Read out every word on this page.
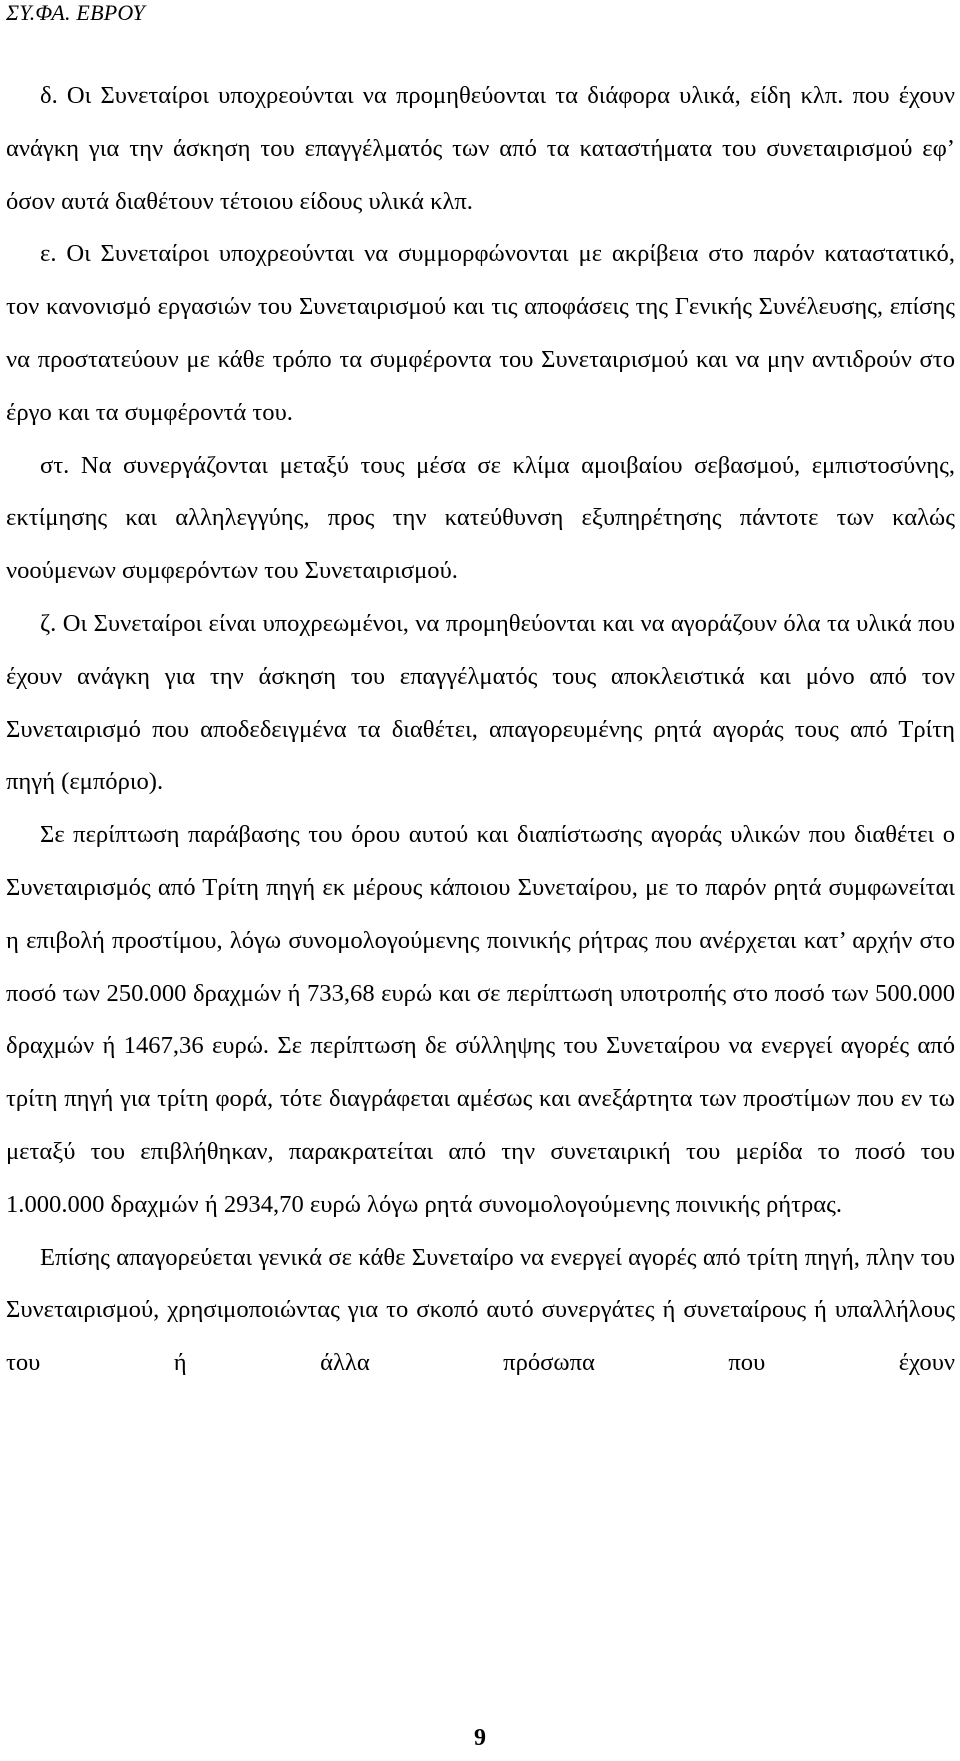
ΣΥ.ΦΑ. ΕΒΡΟΥ

δ. Οι Συνεταίροι υποχρεούνται να προμηθεύονται τα διάφορα υλικά, είδη κλπ. που έχουν ανάγκη για την άσκηση του επαγγέλματός των από τα καταστήματα του συνεταιρισμού εφ’ όσον αυτά διαθέτουν τέτοιου είδους υλικά κλπ.

ε. Οι Συνεταίροι υποχρεούνται να συμμορφώνονται με ακρίβεια στο παρόν καταστατικό, τον κανονισμό εργασιών του Συνεταιρισμού και τις αποφάσεις της Γενικής Συνέλευσης, επίσης να προστατεύουν με κάθε τρόπο τα συμφέροντα του Συνεταιρισμού και να μην αντιδρούν στο έργο και τα συμφέροντά του.

στ. Να συνεργάζονται μεταξύ τους μέσα σε κλίμα αμοιβαίου σεβασμού, εμπιστοσύνης, εκτίμησης και αλληλεγγύης, προς την κατεύθυνση εξυπηρέτησης πάντοτε των καλώς νοούμενων συμφερόντων του Συνεταιρισμού.

ζ. Οι Συνεταίροι είναι υποχρεωμένοι, να προμηθεύονται και να αγοράζουν όλα τα υλικά που έχουν ανάγκη για την άσκηση του επαγγέλματός τους αποκλειστικά και μόνο από τον Συνεταιρισμό που αποδεδειγμένα τα διαθέτει, απαγορευμένης ρητά αγοράς τους από Τρίτη πηγή (εμπόριο).

Σε περίπτωση παράβασης του όρου αυτού και διαπίστωσης αγοράς υλικών που διαθέτει ο Συνεταιρισμός από Τρίτη πηγή εκ μέρους κάποιου Συνεταίρου, με το παρόν ρητά συμφωνείται η επιβολή προστίμου, λόγω συνομολογούμενης ποινικής ρήτρας που ανέρχεται κατ’ αρχήν στο ποσό των 250.000 δραχμών ή 733,68 ευρώ και σε περίπτωση υποτροπής στο ποσό των 500.000 δραχμών ή 1467,36 ευρώ. Σε περίπτωση δε σύλληψης του Συνεταίρου να ενεργεί αγορές από τρίτη πηγή για τρίτη φορά, τότε διαγράφεται αμέσως και ανεξάρτητα των προστίμων που εν τω μεταξύ του επιβλήθηκαν, παρακρατείται από την συνεταιρική του μερίδα το ποσό του 1.000.000 δραχμών ή 2934,70 ευρώ λόγω ρητά συνομολογούμενης ποινικής ρήτρας.

Επίσης απαγορεύεται γενικά σε κάθε Συνεταίρο να ενεργεί αγορές από τρίτη πηγή, πλην του Συνεταιρισμού, χρησιμοποιώντας για το σκοπό αυτό συνεργάτες ή συνεταίρους ή υπαλλήλους του ή άλλα πρόσωπα που έχουν

9
